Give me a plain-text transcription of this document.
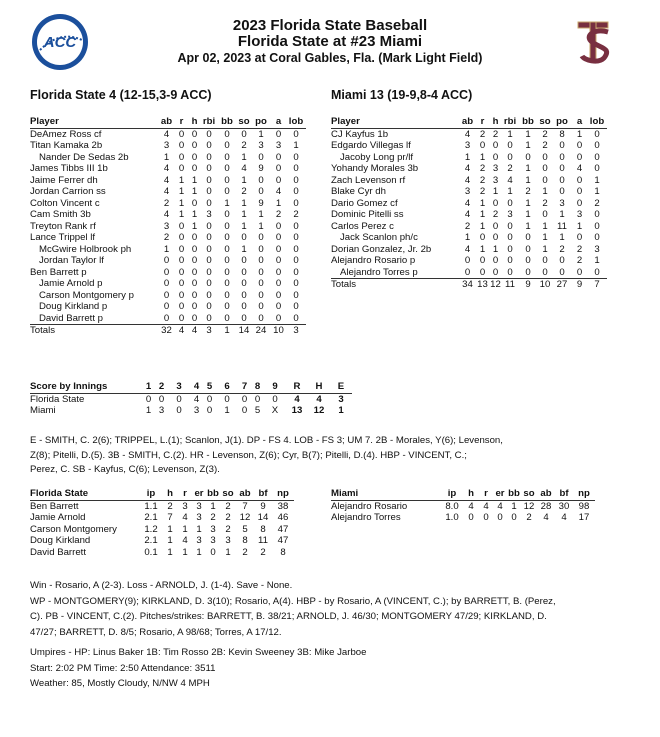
ACC
2023 Florida State Baseball
Florida State at #23 Miami
Apr 02, 2023 at Coral Gables, Fla. (Mark Light Field)
Florida State 4 (12-15,3-9 ACC)	Miami 13 (19-9,8-4 ACC)
Player	ab	r	h	rbi	bb	so	po	a	lob
DeAmez Ross cf	4	0	0	0	0	0	1	0	0
Titan Kamaka 2b	3	0	0	0	0	2	3	3	1
Nander De Sedas 2b	1	0	0	0	0	1	0	0	0
James Tibbs III 1b	4	0	0	0	0	4	9	0	0
Jaime Ferrer dh	4	1	1	0	0	1	0	0	0
Jordan Carrion ss	4	1	1	0	0	2	0	4	0
Colton Vincent c	2	1	0	0	1	1	9	1	0
Cam Smith 3b	4	1	1	3	0	1	1	2	2
Treyton Rank rf	3	0	1	0	0	1	1	0	0
Lance Trippel lf	2	0	0	0	0	0	0	0	0
McGwire Holbrook ph	1	0	0	0	0	1	0	0	0
Jordan Taylor lf	0	0	0	0	0	0	0	0	0
Ben Barrett p	0	0	0	0	0	0	0	0	0
Jamie Arnold p	0	0	0	0	0	0	0	0	0
Carson Montgomery p	0	0	0	0	0	0	0	0	0
Doug Kirkland p	0	0	0	0	0	0	0	0	0
David Barrett p	0	0	0	0	0	0	0	0	0
Totals	32	4	4	3	1	14	24	10	3
Player	ab	r	h	rbi	bb	so	po	a	lob
CJ Kayfus 1b	4	2	2	1	1	2	8	1	0
Edgardo Villegas lf	3	0	0	0	1	2	0	0	0
Jacoby Long pr/lf	1	1	0	0	0	0	0	0	0
Yohandy Morales 3b	4	2	3	2	1	0	0	4	0
Zach Levenson rf	4	2	3	4	1	0	0	0	1
Blake Cyr dh	3	2	1	1	2	1	0	0	1
Dario Gomez cf	4	1	0	0	1	2	3	0	2
Dominic Pitelli ss	4	1	2	3	1	0	1	3	0
Carlos Perez c	2	1	0	0	1	1	11	1	0
Jack Scanlon ph/c	1	0	0	0	0	1	1	0	0
Dorian Gonzalez, Jr. 2b	4	1	1	0	0	1	2	2	3
Alejandro Rosario p	0	0	0	0	0	0	0	2	1
Alejandro Torres p	0	0	0	0	0	0	0	0	0
Totals	34	13	12	11	9	10	27	9	7
Score by Innings	1	2	3	4	5	6	7	8	9	R	H	E
Florida State	0	0	0	4	0	0	0	0	0	4	4	3
Miami	1	3	0	3	0	1	0	5	X	13	12	1
E - SMITH, C. 2(6); TRIPPEL, L.(1); Scanlon, J(1). DP - FS 4. LOB - FS 3; UM 7. 2B - Morales, Y(6); Levenson,
Z(8); Pitelli, D.(5). 3B - SMITH, C.(2). HR - Levenson, Z(6); Cyr, B(7); Pitelli, D.(4). HBP - VINCENT, C.;
Perez, C. SB - Kayfus, C(6); Levenson, Z(3).
Florida State	ip	h	r	er	bb	so	ab	bf	np
Ben Barrett	1.1	2	3	3	1	2	7	9	38
Jamie Arnold	2.1	7	4	3	2	2	12	14	46
Carson Montgomery	1.2	1	1	1	3	2	5	8	47
Doug Kirkland	2.1	1	4	3	3	3	8	11	47
David Barrett	0.1	1	1	1	0	1	2	2	8
Miami	ip	h	r	er	bb	so	ab	bf	np
Alejandro Rosario	8.0	4	4	4	1	12	28	30	98
Alejandro Torres	1.0	0	0	0	0	2	4	4	17
Win - Rosario, A (2-3). Loss - ARNOLD, J. (1-4). Save - None.
WP - MONTGOMERY(9); KIRKLAND, D. 3(10); Rosario, A(4). HBP - by Rosario, A (VINCENT, C.); by BARRETT, B. (Perez,
C). PB - VINCENT, C.(2). Pitches/strikes: BARRETT, B. 38/21; ARNOLD, J. 46/30; MONTGOMERY 47/29; KIRKLAND, D.
47/27; BARRETT, D. 8/5; Rosario, A 98/68; Torres, A 17/12.
Umpires - HP: Linus Baker 1B: Tim Rosso 2B: Kevin Sweeney 3B: Mike Jarboe
Start: 2:02 PM Time: 2:50 Attendance: 3511
Weather: 85, Mostly Cloudy, N/NW 4 MPH
